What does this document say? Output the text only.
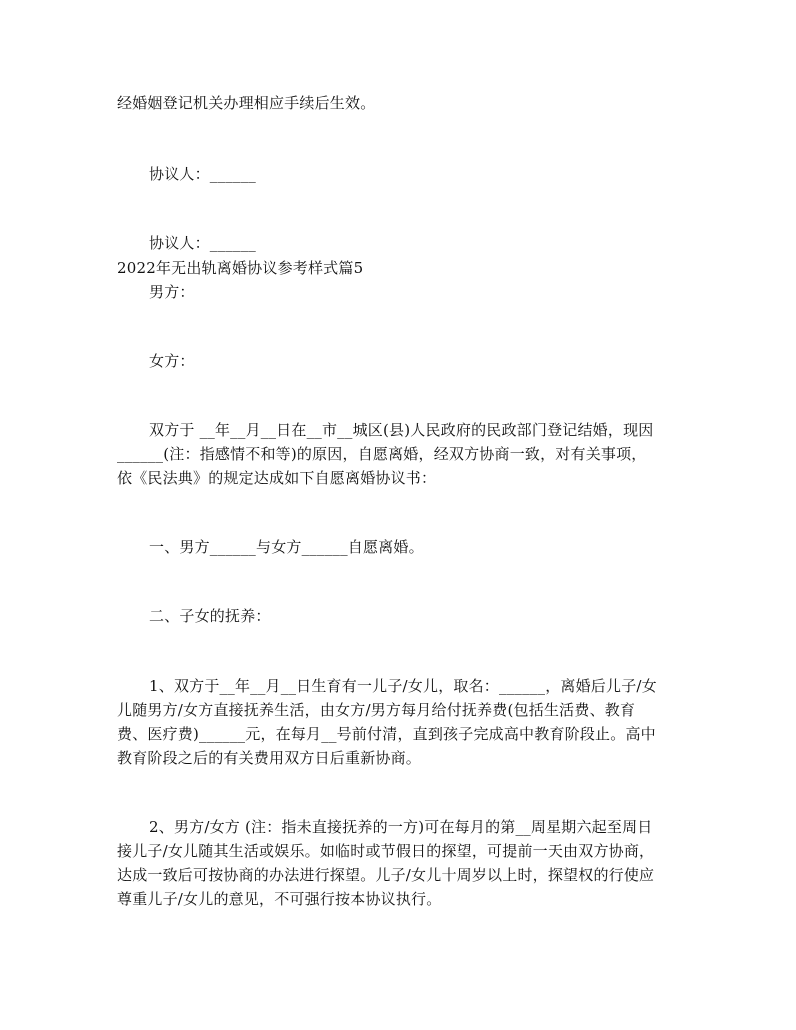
经婚姻登记机关办理相应手续后生效。
协议人：______
协议人：______
2022年无出轨离婚协议参考样式篇5
男方：
女方：
双方于 __年__月__日在__市__城区(县)人民政府的民政部门登记结婚，现因
______(注：指感情不和等)的原因，自愿离婚，经双方协商一致，对有关事项，
依《民法典》的规定达成如下自愿离婚协议书：
一、男方______与女方______自愿离婚。
二、子女的抚养：
1、双方于__年__月__日生育有一儿子/女儿，取名：______，离婚后儿子/女
儿随男方/女方直接抚养生活，由女方/男方每月给付抚养费(包括生活费、教育
费、医疗费)______元，在每月__号前付清，直到孩子完成高中教育阶段止。高中
教育阶段之后的有关费用双方日后重新协商。
2、男方/女方 (注：指未直接抚养的一方)可在每月的第__周星期六起至周日
接儿子/女儿随其生活或娱乐。如临时或节假日的探望，可提前一天由双方协商，
达成一致后可按协商的办法进行探望。儿子/女儿十周岁以上时，探望权的行使应
尊重儿子/女儿的意见，不可强行按本协议执行。
